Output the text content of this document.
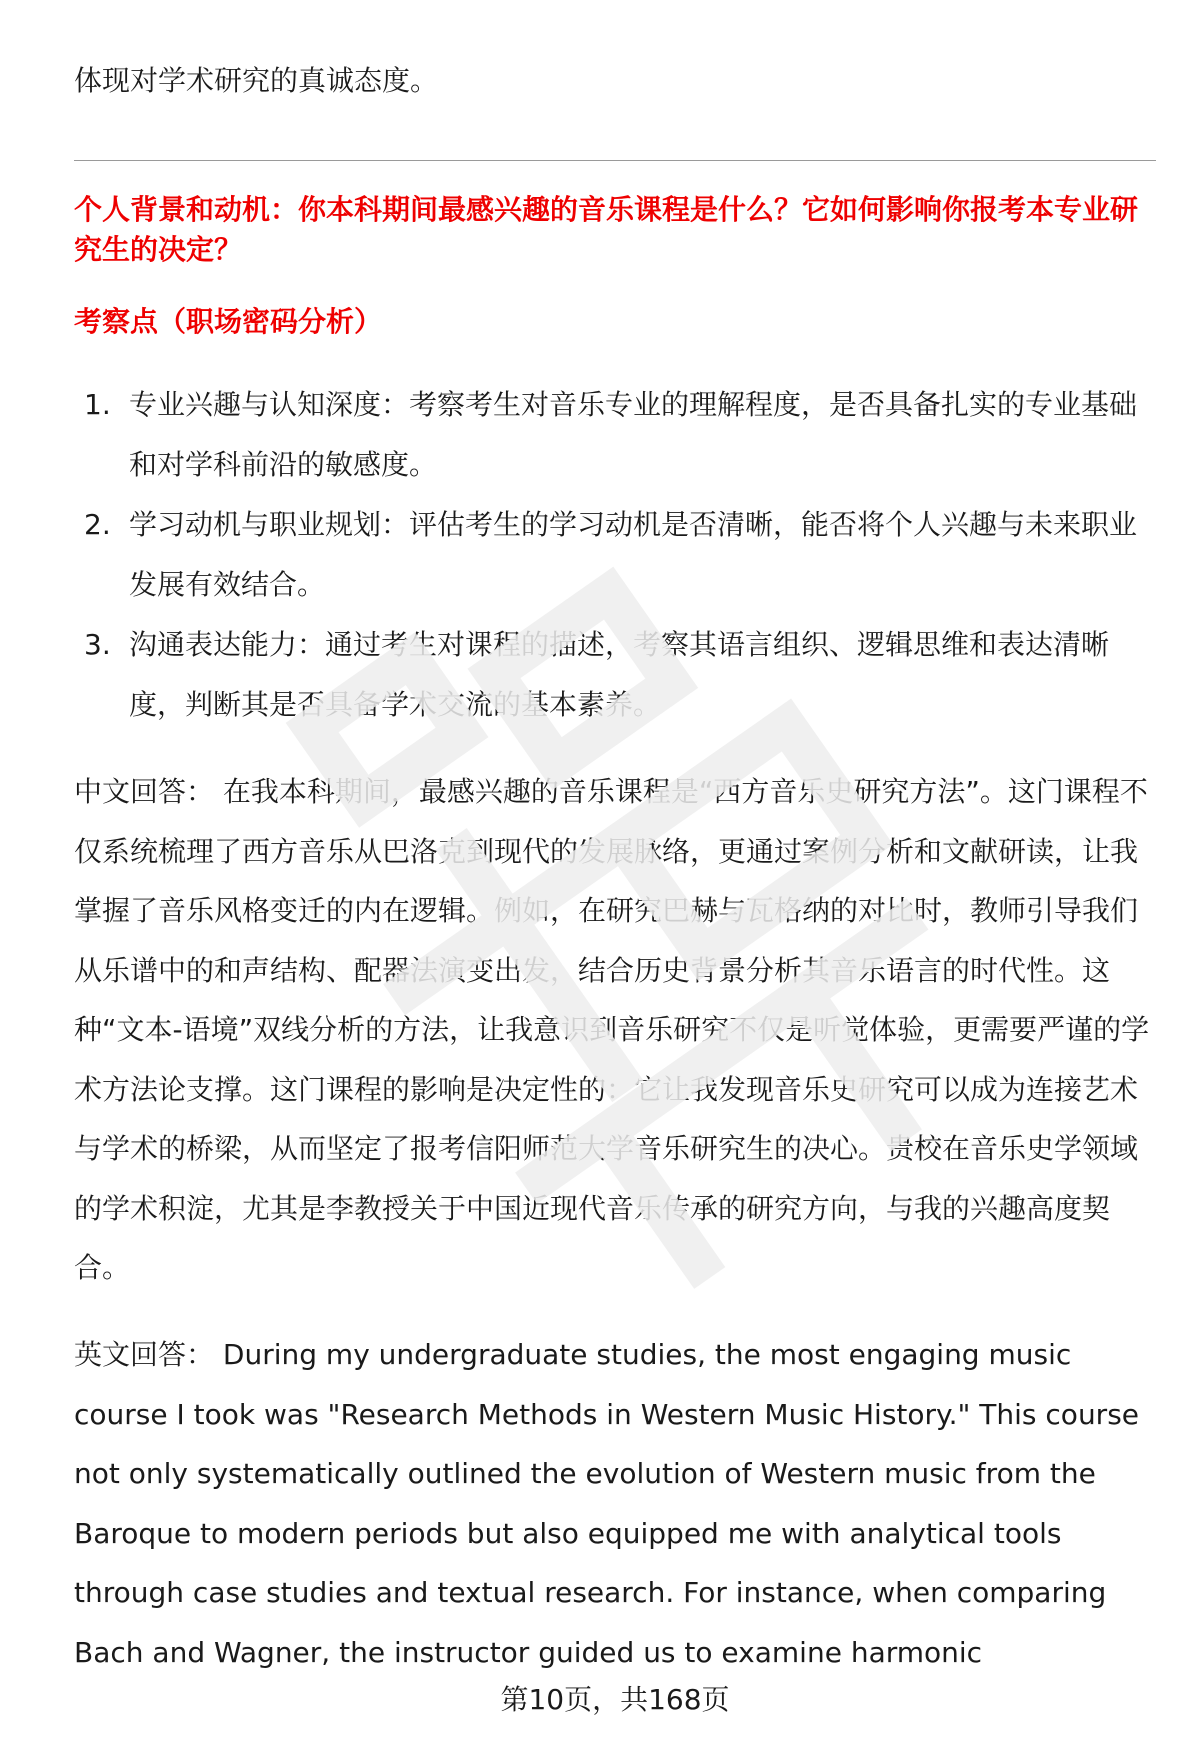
体现对学术研究的真诚态度。

个人背景和动机：你本科期间最感兴趣的音乐课程是什么？它如何影响你报考本专业研究生的决定？

考察点（职场密码分析）

1. 专业兴趣与认知深度：考察考生对音乐专业的理解程度，是否具备扎实的专业基础和对学科前沿的敏感度。
2. 学习动机与职业规划：评估考生的学习动机是否清晰，能否将个人兴趣与未来职业发展有效结合。
3. 沟通表达能力：通过考生对课程的描述，考察其语言组织、逻辑思维和表达清晰度，判断其是否具备学术交流的基本素养。

中文回答： 在我本科期间，最感兴趣的音乐课程是“西方音乐史研究方法”。这门课程不仅系统梳理了西方音乐从巴洛克到现代的发展脉络，更通过案例分析和文献研读，让我掌握了音乐风格变迁的内在逻辑。例如，在研究巴赫与瓦格纳的对比时，教师引导我们从乐谱中的和声结构、配器法演变出发，结合历史背景分析其音乐语言的时代性。这种“文本-语境”双线分析的方法，让我意识到音乐研究不仅是听觉体验，更需要严谨的学术方法论支撑。这门课程的影响是决定性的：它让我发现音乐史研究可以成为连接艺术与学术的桥梁，从而坚定了报考信阳师范大学音乐研究生的决心。贵校在音乐史学领域的学术积淀，尤其是李教授关于中国近现代音乐传承的研究方向，与我的兴趣高度契合。

英文回答： During my undergraduate studies, the most engaging music course I took was "Research Methods in Western Music History." This course not only systematically outlined the evolution of Western music from the Baroque to modern periods but also equipped me with analytical tools through case studies and textual research. For instance, when comparing Bach and Wagner, the instructor guided us to examine harmonic

第10页，共168页
